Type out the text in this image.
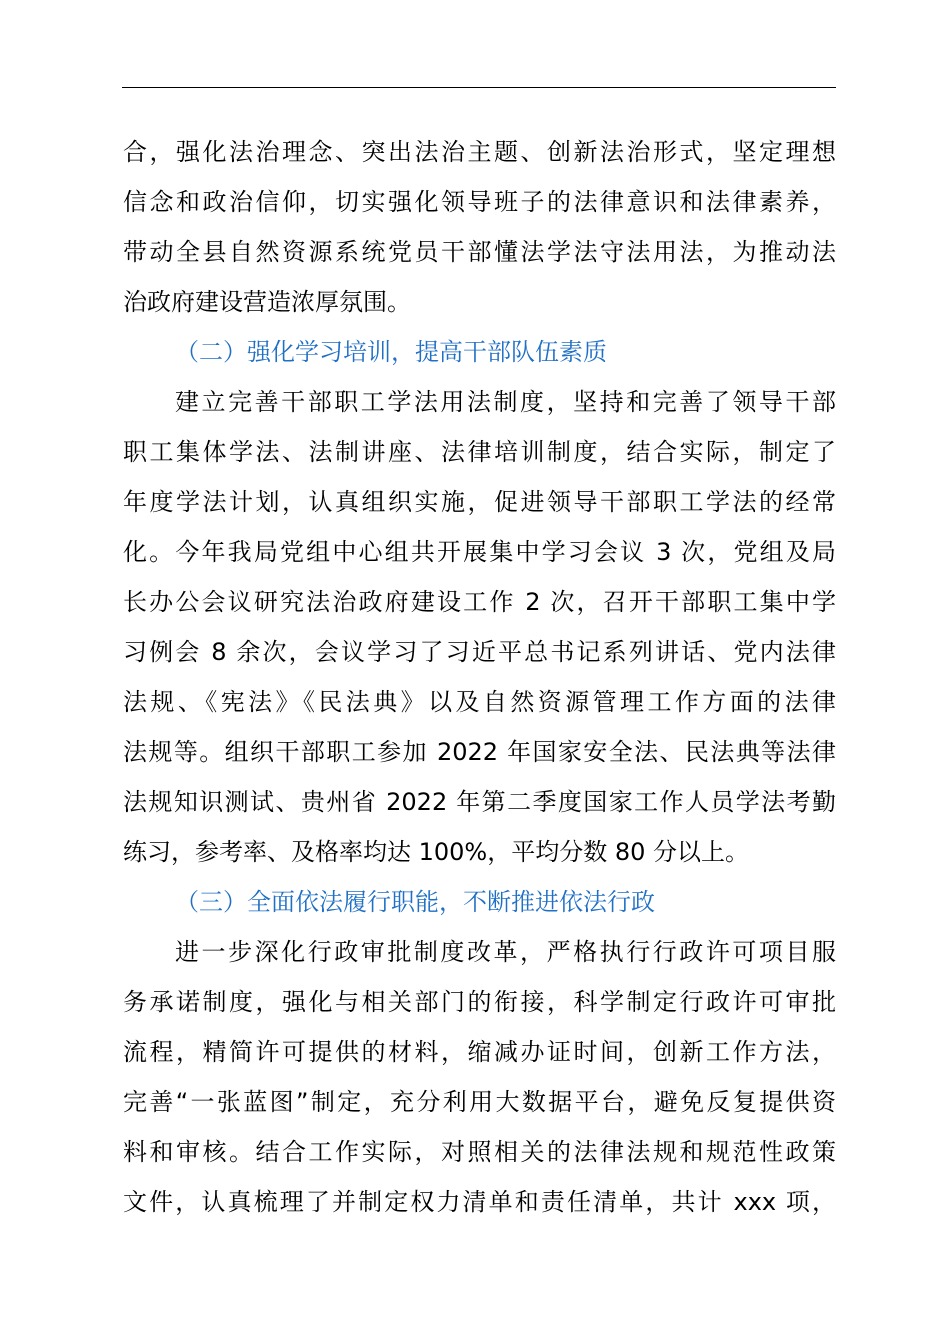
合，强化法治理念、突出法治主题、创新法治形式，坚定理想
信念和政治信仰，切实强化领导班子的法律意识和法律素养，
带动全县自然资源系统党员干部懂法学法守法用法，为推动法
治政府建设营造浓厚氛围。
（二）强化学习培训，提高干部队伍素质
建立完善干部职工学法用法制度，坚持和完善了领导干部
职工集体学法、法制讲座、法律培训制度，结合实际，制定了
年度学法计划，认真组织实施，促进领导干部职工学法的经常
化。今年我局党组中心组共开展集中学习会议 3 次，党组及局
长办公会议研究法治政府建设工作 2 次，召开干部职工集中学
习例会 8 余次，会议学习了习近平总书记系列讲话、党内法律
法规、《宪法》《民法典》以及自然资源管理工作方面的法律
法规等。组织干部职工参加 2022 年国家安全法、民法典等法律
法规知识测试、贵州省 2022 年第二季度国家工作人员学法考勤
练习，参考率、及格率均达 100%，平均分数 80 分以上。
（三）全面依法履行职能，不断推进依法行政
进一步深化行政审批制度改革，严格执行行政许可项目服
务承诺制度，强化与相关部门的衔接，科学制定行政许可审批
流程，精简许可提供的材料，缩减办证时间，创新工作方法，
完善“一张蓝图”制定，充分利用大数据平台，避免反复提供资
料和审核。结合工作实际，对照相关的法律法规和规范性政策
文件，认真梳理了并制定权力清单和责任清单，共计 xxx 项，
